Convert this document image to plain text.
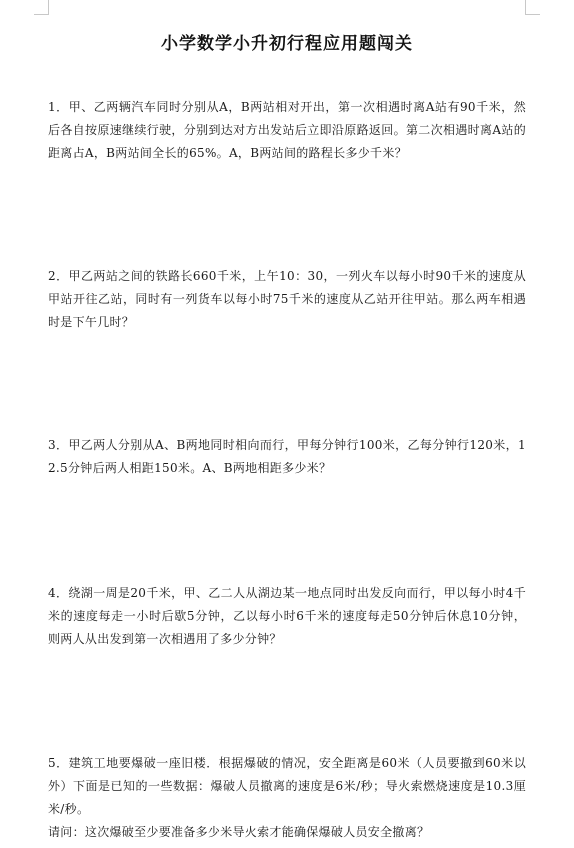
小学数学小升初行程应用题闯关

1．甲、乙两辆汽车同时分别从A，B两站相对开出，第一次相遇时离A站有90千米，然后各自按原速继续行驶，分别到达对方出发站后立即沿原路返回。第二次相遇时离A站的距离占A，B两站间全长的65%。A，B两站间的路程长多少千米？

2．甲乙两站之间的铁路长660千米，上午10：30，一列火车以每小时90千米的速度从甲站开往乙站，同时有一列货车以每小时75千米的速度从乙站开往甲站。那么两车相遇时是下午几时？

3．甲乙两人分别从A、B两地同时相向而行，甲每分钟行100米，乙每分钟行120米，12.5分钟后两人相距150米。A、B两地相距多少米？

4．绕湖一周是20千米，甲、乙二人从湖边某一地点同时出发反向而行，甲以每小时4千米的速度每走一小时后歇5分钟，乙以每小时6千米的速度每走50分钟后休息10分钟，则两人从出发到第一次相遇用了多少分钟？

5．建筑工地要爆破一座旧楼．根据爆破的情况，安全距离是60米（人员要撤到60米以外）下面是已知的一些数据：爆破人员撤离的速度是6米/秒；导火索燃烧速度是10.3厘米/秒。

请问：这次爆破至少要准备多少米导火索才能确保爆破人员安全撤离？
